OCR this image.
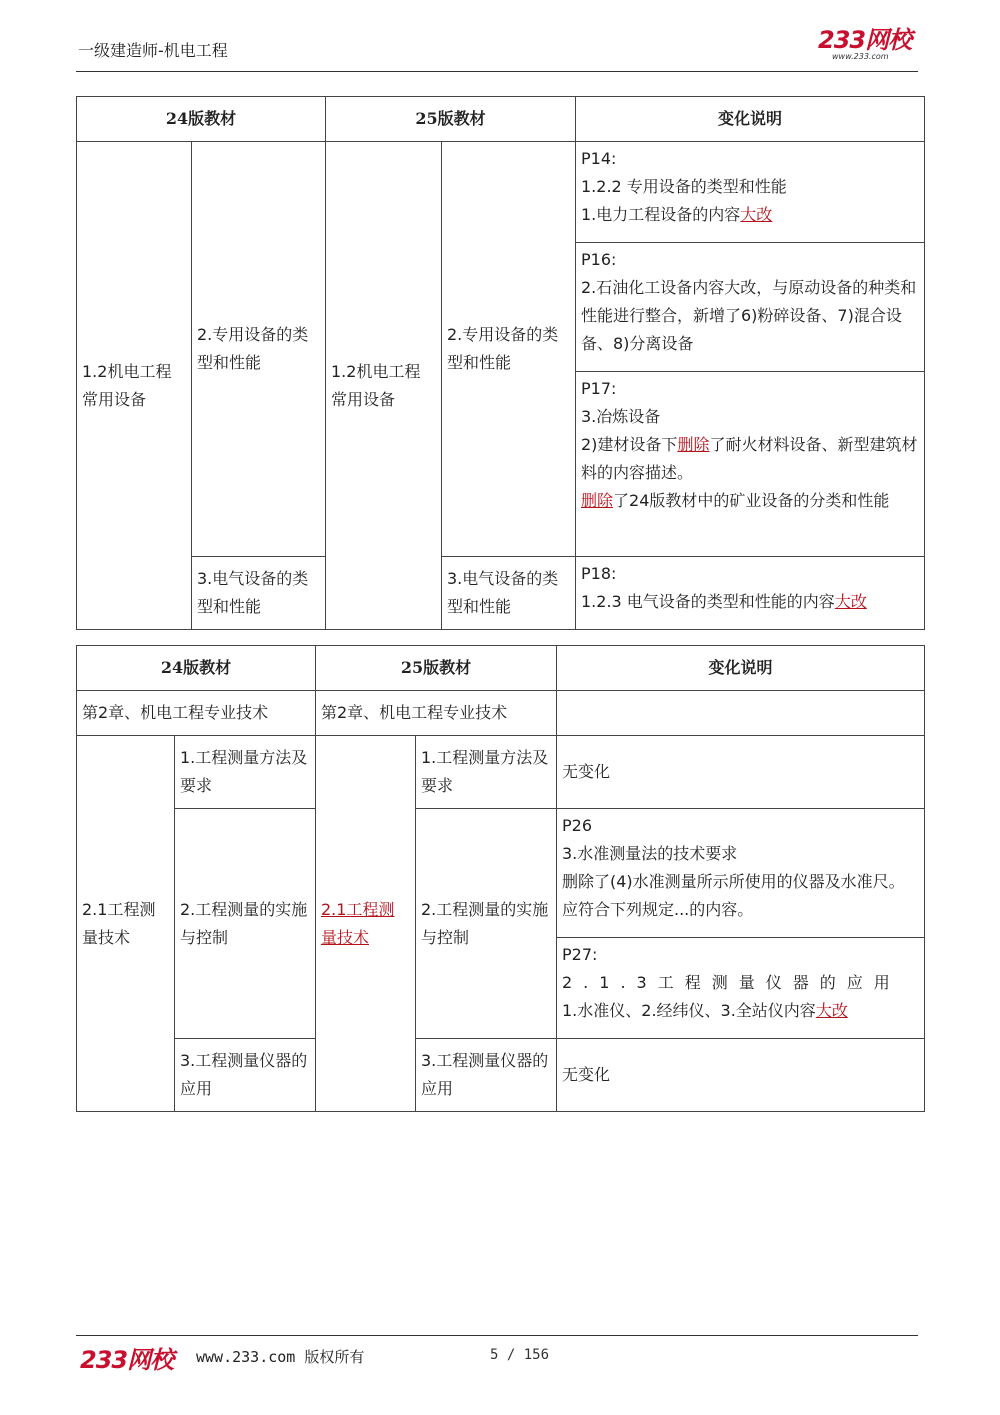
一级建造师-机电工程	233网校
www.233.com
24版教材		25版教材		变化说明
1.2机电工程常用设备	2.专用设备的类型和性能	1.2机电工程常用设备	2.专用设备的类型和性能	P14:
1.2.2 专用设备的类型和性能
1.电力工程设备的内容大改

				P16:
2.石油化工设备内容大改，与原动设备的种类和性能进行整合，新增了6)粉碎设备、7)混合设备、8)分离设备

				P17:
3.冶炼设备
2)建材设备下删除了耐火材料设备、新型建筑材料的内容描述。
删除了24版教材中的矿业设备的分类和性能

	3.电气设备的类型和性能		3.电气设备的类型和性能	P18:
1.2.3 电气设备的类型和性能的内容大改
24版教材		25版教材		变化说明
第2章、机电工程专业技术		第2章、机电工程专业技术		
2.1工程测量技术	1.工程测量方法及要求	2.1工程测量技术	1.工程测量方法及要求	无变化
	2.工程测量的实施与控制		2.工程测量的实施与控制	P26
3.水准测量法的技术要求
删除了(4)水准测量所示所使用的仪器及水准尺。应符合下列规定...的内容。

				P27:
2.1.3工程测量仪器的应用
1.水准仪、2.经纬仪、3.全站仪内容大改

	3.工程测量仪器的应用		3.工程测量仪器的应用	无变化
233网校 www.233.com 版权所有	5 / 156
